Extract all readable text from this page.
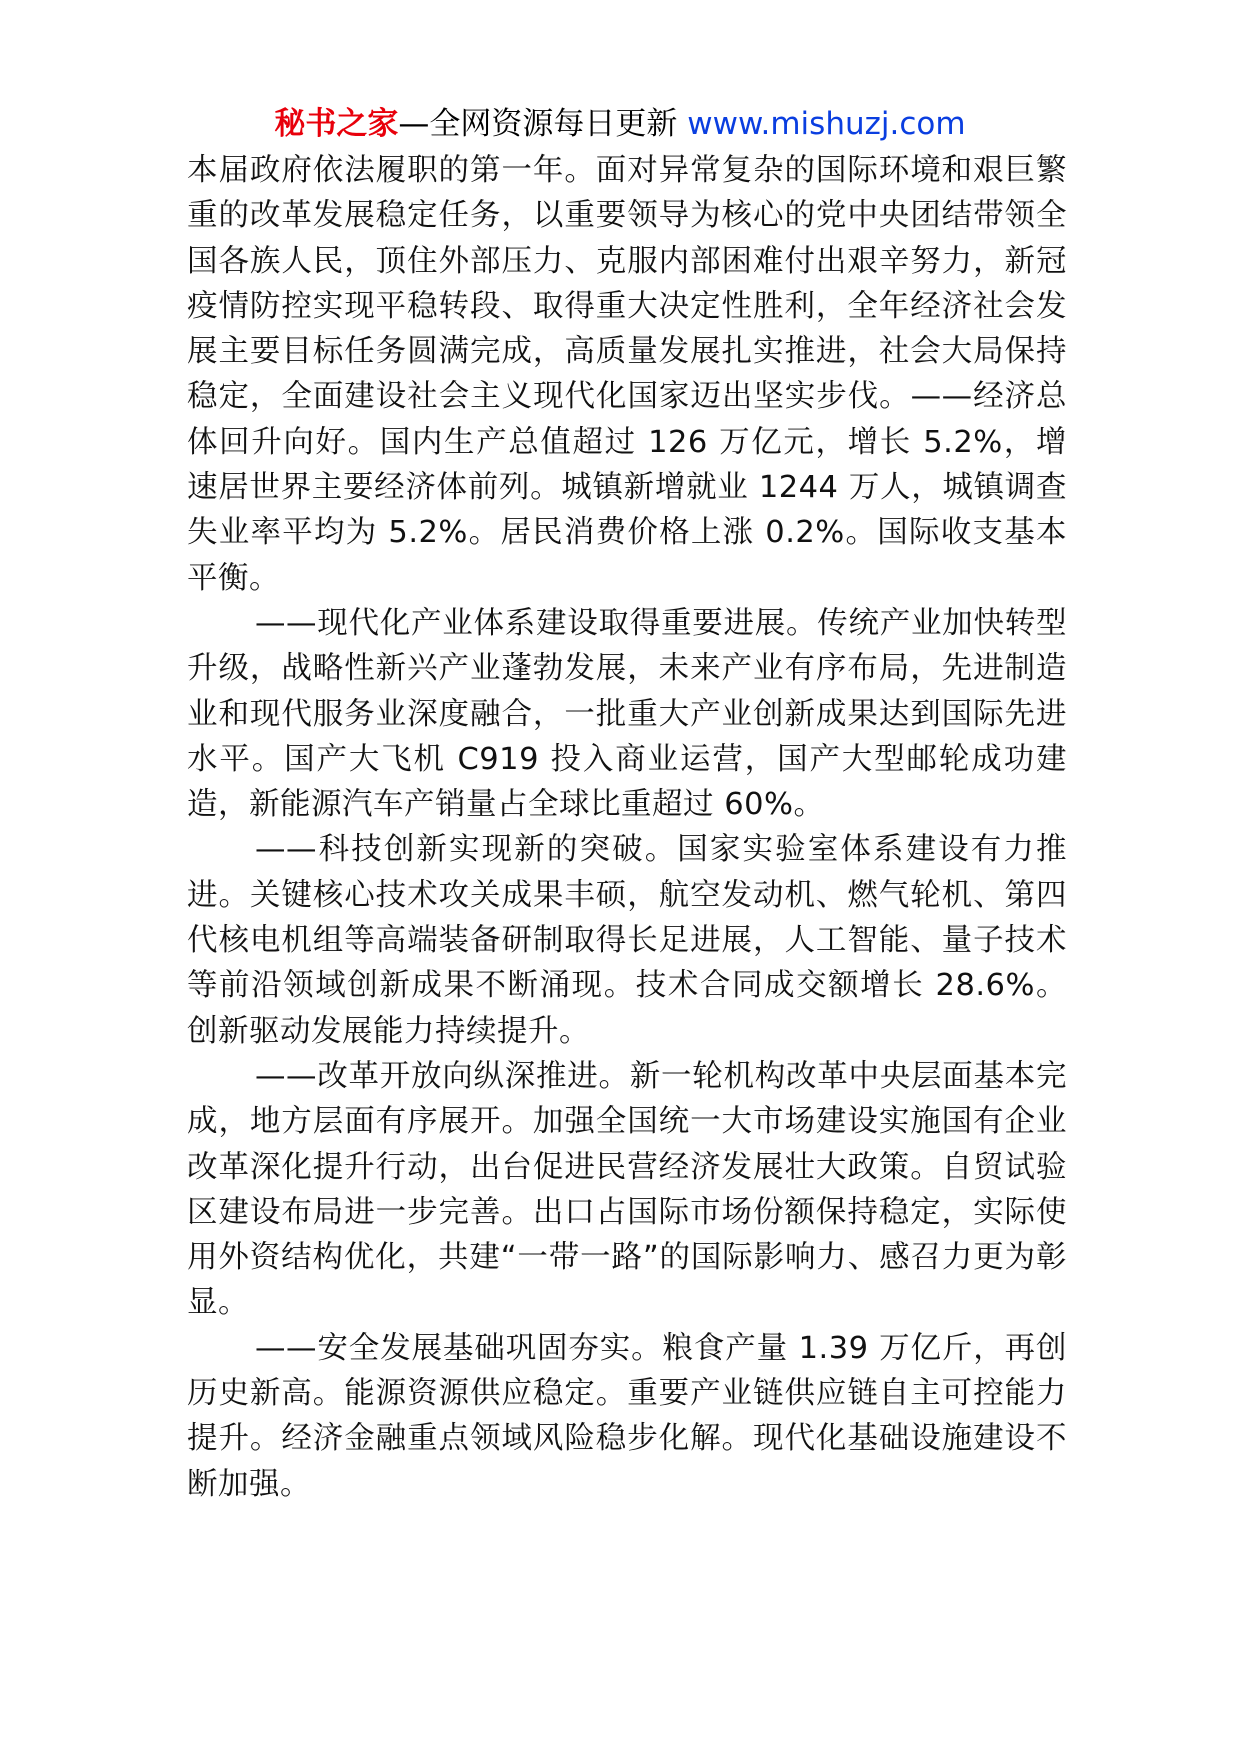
秘书之家—全网资源每日更新 www.mishuzj.com

本届政府依法履职的第一年。面对异常复杂的国际环境和艰巨繁重的改革发展稳定任务，以重要领导为核心的党中央团结带领全国各族人民，顶住外部压力、克服内部困难付出艰辛努力，新冠疫情防控实现平稳转段、取得重大决定性胜利，全年经济社会发展主要目标任务圆满完成，高质量发展扎实推进，社会大局保持稳定，全面建设社会主义现代化国家迈出坚实步伐。——经济总体回升向好。国内生产总值超过 126 万亿元，增长 5.2%，增速居世界主要经济体前列。城镇新增就业 1244 万人，城镇调查失业率平均为 5.2%。居民消费价格上涨 0.2%。国际收支基本平衡。

——现代化产业体系建设取得重要进展。传统产业加快转型升级，战略性新兴产业蓬勃发展，未来产业有序布局，先进制造业和现代服务业深度融合，一批重大产业创新成果达到国际先进水平。国产大飞机 C919 投入商业运营，国产大型邮轮成功建造，新能源汽车产销量占全球比重超过 60%。

——科技创新实现新的突破。国家实验室体系建设有力推进。关键核心技术攻关成果丰硕，航空发动机、燃气轮机、第四代核电机组等高端装备研制取得长足进展，人工智能、量子技术等前沿领域创新成果不断涌现。技术合同成交额增长 28.6%。创新驱动发展能力持续提升。

——改革开放向纵深推进。新一轮机构改革中央层面基本完成，地方层面有序展开。加强全国统一大市场建设实施国有企业改革深化提升行动，出台促进民营经济发展壮大政策。自贸试验区建设布局进一步完善。出口占国际市场份额保持稳定，实际使用外资结构优化，共建“一带一路”的国际影响力、感召力更为彰显。

——安全发展基础巩固夯实。粮食产量 1.39 万亿斤，再创历史新高。能源资源供应稳定。重要产业链供应链自主可控能力提升。经济金融重点领域风险稳步化解。现代化基础设施建设不断加强。
